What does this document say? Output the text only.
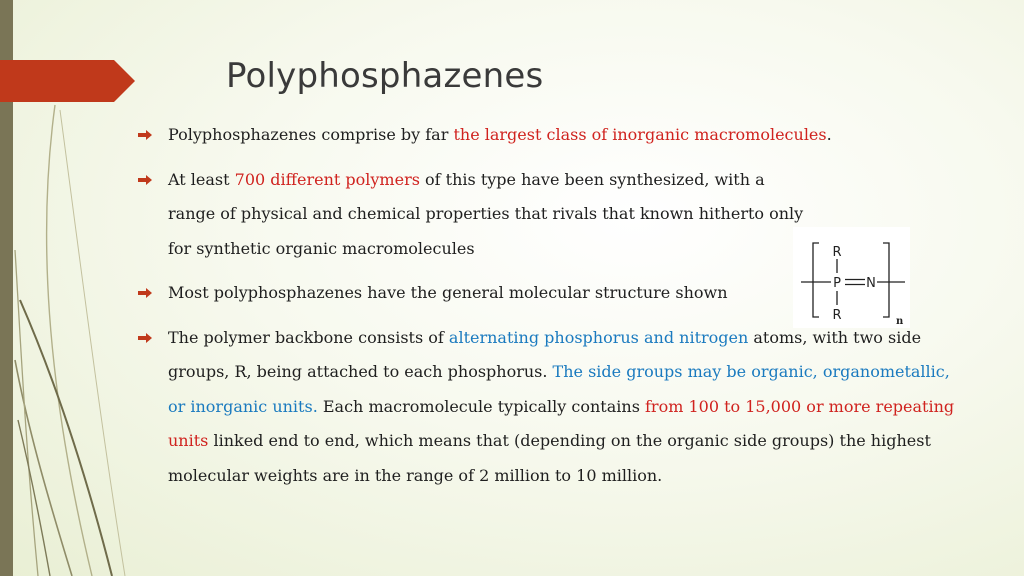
Polyphosphazenes
Polyphosphazenes comprise by far the largest class of inorganic macromolecules.
At least 700 different polymers of this type have been synthesized, with a range of physical and chemical properties that rivals that known hitherto only for synthetic organic macromolecules
Most polyphosphazenes have the general molecular structure shown
The polymer backbone consists of alternating phosphorus and nitrogen atoms, with two side groups, R, being attached to each phosphorus. The side groups may be organic, organometallic, or inorganic units. Each macromolecule typically contains from 100 to 15,000 or more repeating units linked end to end, which means that (depending on the organic side groups) the highest molecular weights are in the range of 2 million to 10 million.
R
P N
R	n
